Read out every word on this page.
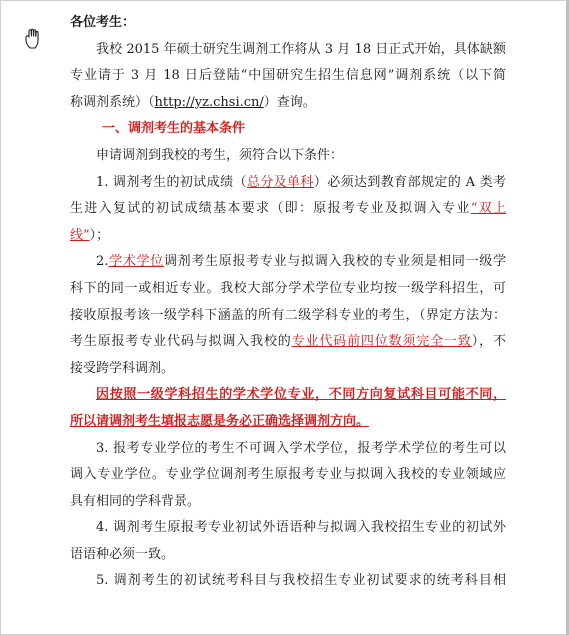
各位考生：
我校 2015 年硕士研究生调剂工作将从 3 月 18 日正式开始，具体缺额
专业请于 3 月 18 日后登陆“中国研究生招生信息网”调剂系统（以下简
称调剂系统）（http://yz.chsi.cn/）查询。
一、调剂考生的基本条件
申请调剂到我校的考生，须符合以下条件：
1. 调剂考生的初试成绩（总分及单科）必须达到教育部规定的 A 类考
生进入复试的初试成绩基本要求（即：原报考专业及拟调入专业“双上
线”）；
2.学术学位调剂考生原报考专业与拟调入我校的专业须是相同一级学
科下的同一或相近专业。我校大部分学术学位专业均按一级学科招生，可
接收原报考该一级学科下涵盖的所有二级学科专业的考生，（界定方法为：
考生原报考专业代码与拟调入我校的专业代码前四位数须完全一致），不
接受跨学科调剂。
因按照一级学科招生的学术学位专业，不同方向复试科目可能不同，
所以请调剂考生填报志愿是务必正确选择调剂方向。
3. 报考专业学位的考生不可调入学术学位，报考学术学位的考生可以
调入专业学位。专业学位调剂考生原报考专业与拟调入我校的专业领域应
具有相同的学科背景。
4. 调剂考生原报考专业初试外语语种与拟调入我校招生专业的初试外
语语种必须一致。
5. 调剂考生的初试统考科目与我校招生专业初试要求的统考科目相
